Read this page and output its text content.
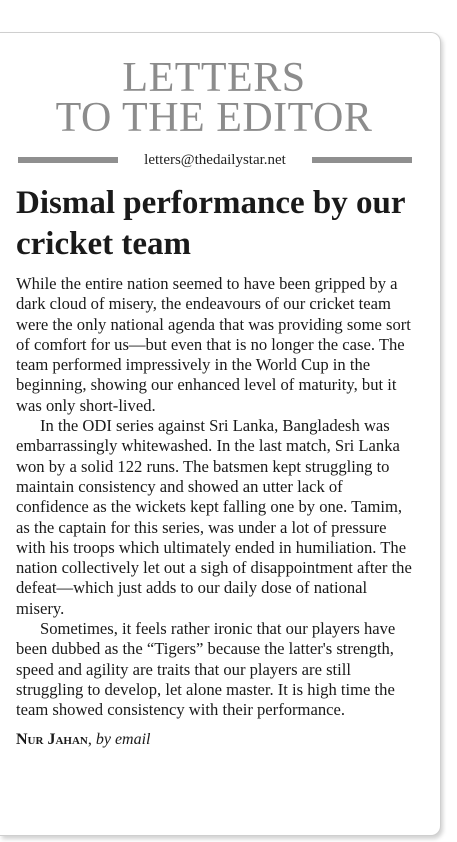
LETTERS
TO THE EDITOR
letters@thedailystar.net
Dismal performance by our cricket team

While the entire nation seemed to have been gripped by a dark cloud of misery, the endeavours of our cricket team were the only national agenda that was providing some sort of comfort for us—but even that is no longer the case. The team performed impressively in the World Cup in the beginning, showing our enhanced level of maturity, but it was only short-lived.

In the ODI series against Sri Lanka, Bangladesh was embarrassingly whitewashed. In the last match, Sri Lanka won by a solid 122 runs. The batsmen kept struggling to maintain consistency and showed an utter lack of confidence as the wickets kept falling one by one. Tamim, as the captain for this series, was under a lot of pressure with his troops which ultimately ended in humiliation. The nation collectively let out a sigh of disappointment after the defeat—which just adds to our daily dose of national misery.

Sometimes, it feels rather ironic that our players have been dubbed as the “Tigers” because the latter's strength, speed and agility are traits that our players are still struggling to develop, let alone master. It is high time the team showed consistency with their performance.

Nur Jahan, by email
